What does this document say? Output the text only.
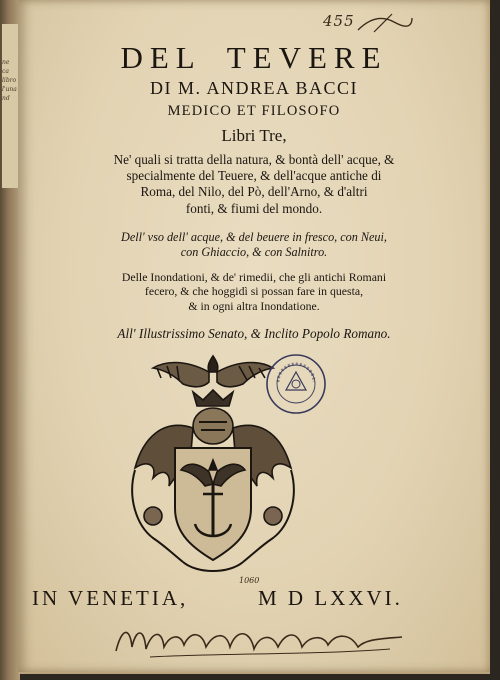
ne
ca
libro
l'una
nd
455
DEL TEVERE
DI M. ANDREA BACCI
MEDICO ET FILOSOFO
Libri Tre,
Ne' quali si tratta della natura, & bontà dell' acque, &
specialmente del Teuere, & dell'acque antiche di
Roma, del Nilo, del Pò, dell'Arno, & d'altri
fonti, & fiumi del mondo.
Dell' vso dell' acque, & del beuere in fresco, con Neui,
con Ghiaccio, & con Salnitro.
Delle Inondationi, & de' rimedii, che gli antichi Romani
fecero, & che hoggidì si possan fare in questa,
& in ogni altra Inondatione.
All' Illustrissimo Senato, & Inclito Popolo Romano.
IN VENETIA,	M D LXXVI.
1060
